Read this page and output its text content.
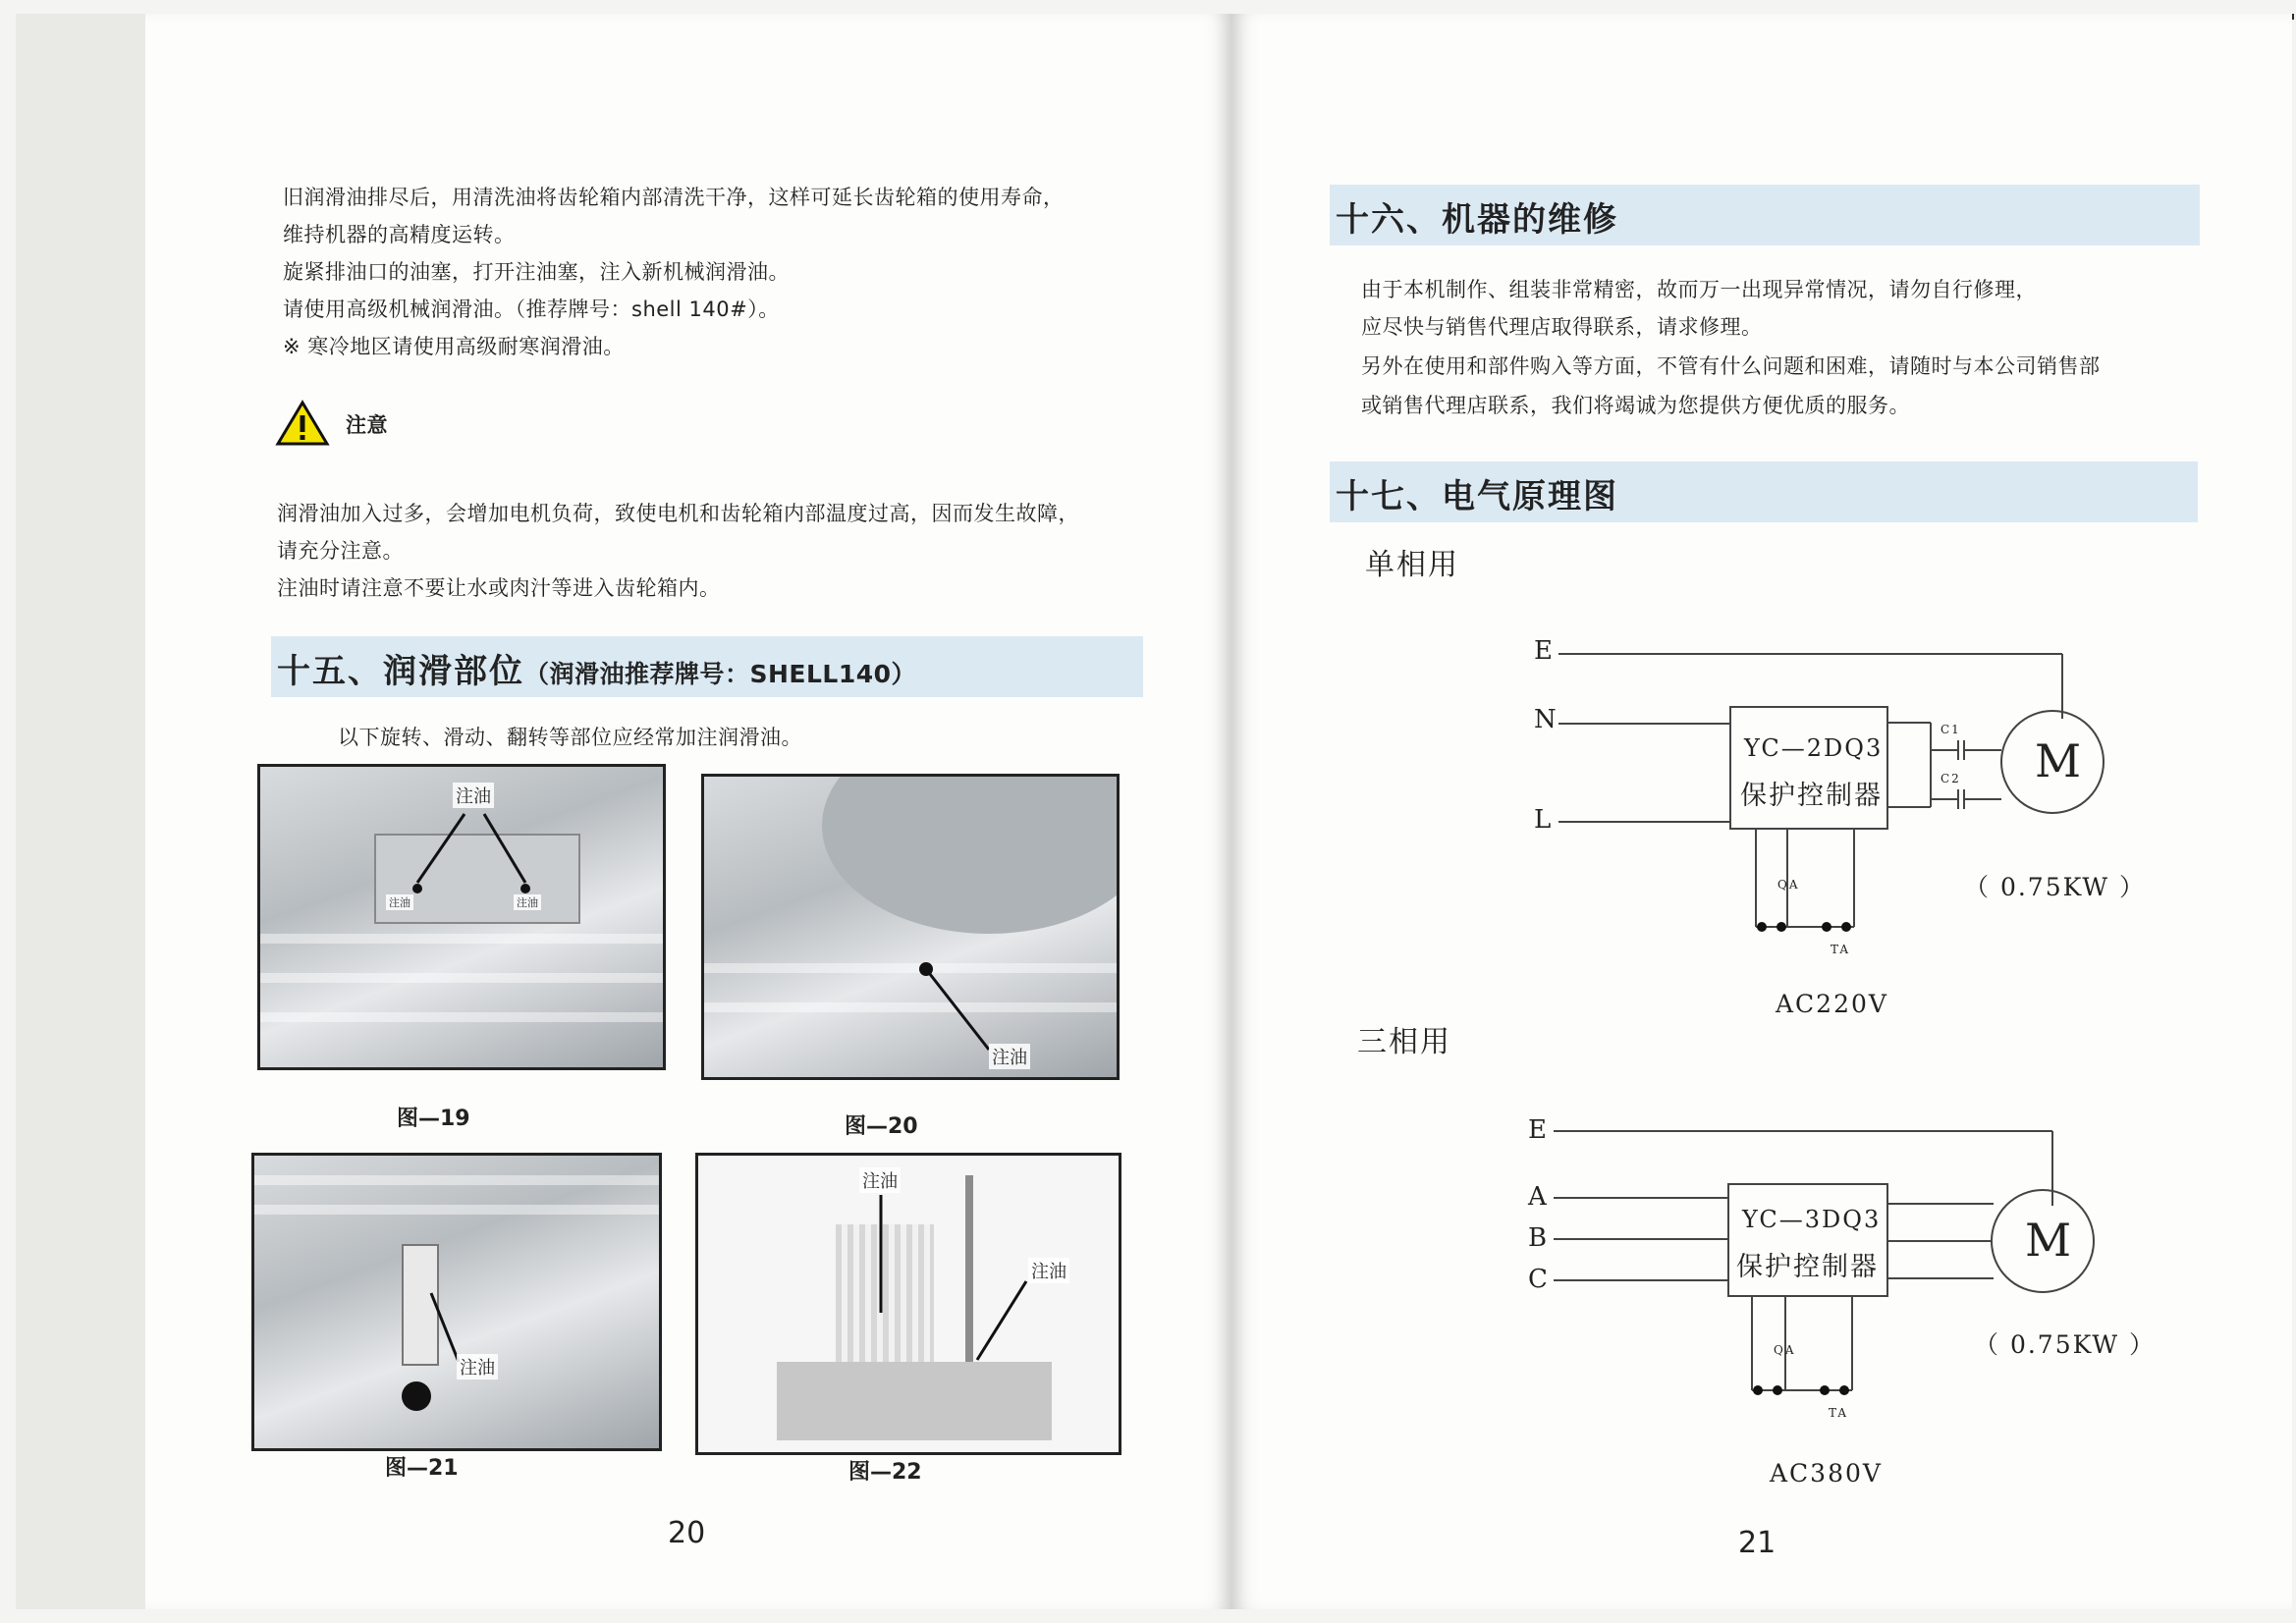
旧润滑油排尽后，用清洗油将齿轮箱内部清洗干净，这样可延长齿轮箱的使用寿命，
维持机器的高精度运转。
旋紧排油口的油塞，打开注油塞，注入新机械润滑油。
请使用高级机械润滑油。（推荐牌号：shell 140#）。
※ 寒冷地区请使用高级耐寒润滑油。
注意
润滑油加入过多，会增加电机负荷，致使电机和齿轮箱内部温度过高，因而发生故障，
请充分注意。
注油时请注意不要让水或肉汁等进入齿轮箱内。
十五、润滑部位（润滑油推荐牌号：SHELL140）
以下旋转、滑动、翻转等部位应经常加注润滑油。
注油
注油	注油
图—19
注油
图—20
注油
图—21
注油
注油
图—22
20
十六、机器的维修
由于本机制作、组装非常精密，故而万一出现异常情况，请勿自行修理，
应尽快与销售代理店取得联系，请求修理。
另外在使用和部件购入等方面，不管有什么问题和困难，请随时与本公司销售部
或销售代理店联系，我们将竭诚为您提供方便优质的服务。
十七、电气原理图
单相用
三相用
E
N
L
YC—2DQ3
保护控制器
C1
C2 M
（ 0.75KW ）
QA
TA
AC220V
E
A
B
C
YC—3DQ3
保护控制器
M
（ 0.75KW ）
QA
TA
AC380V
21
